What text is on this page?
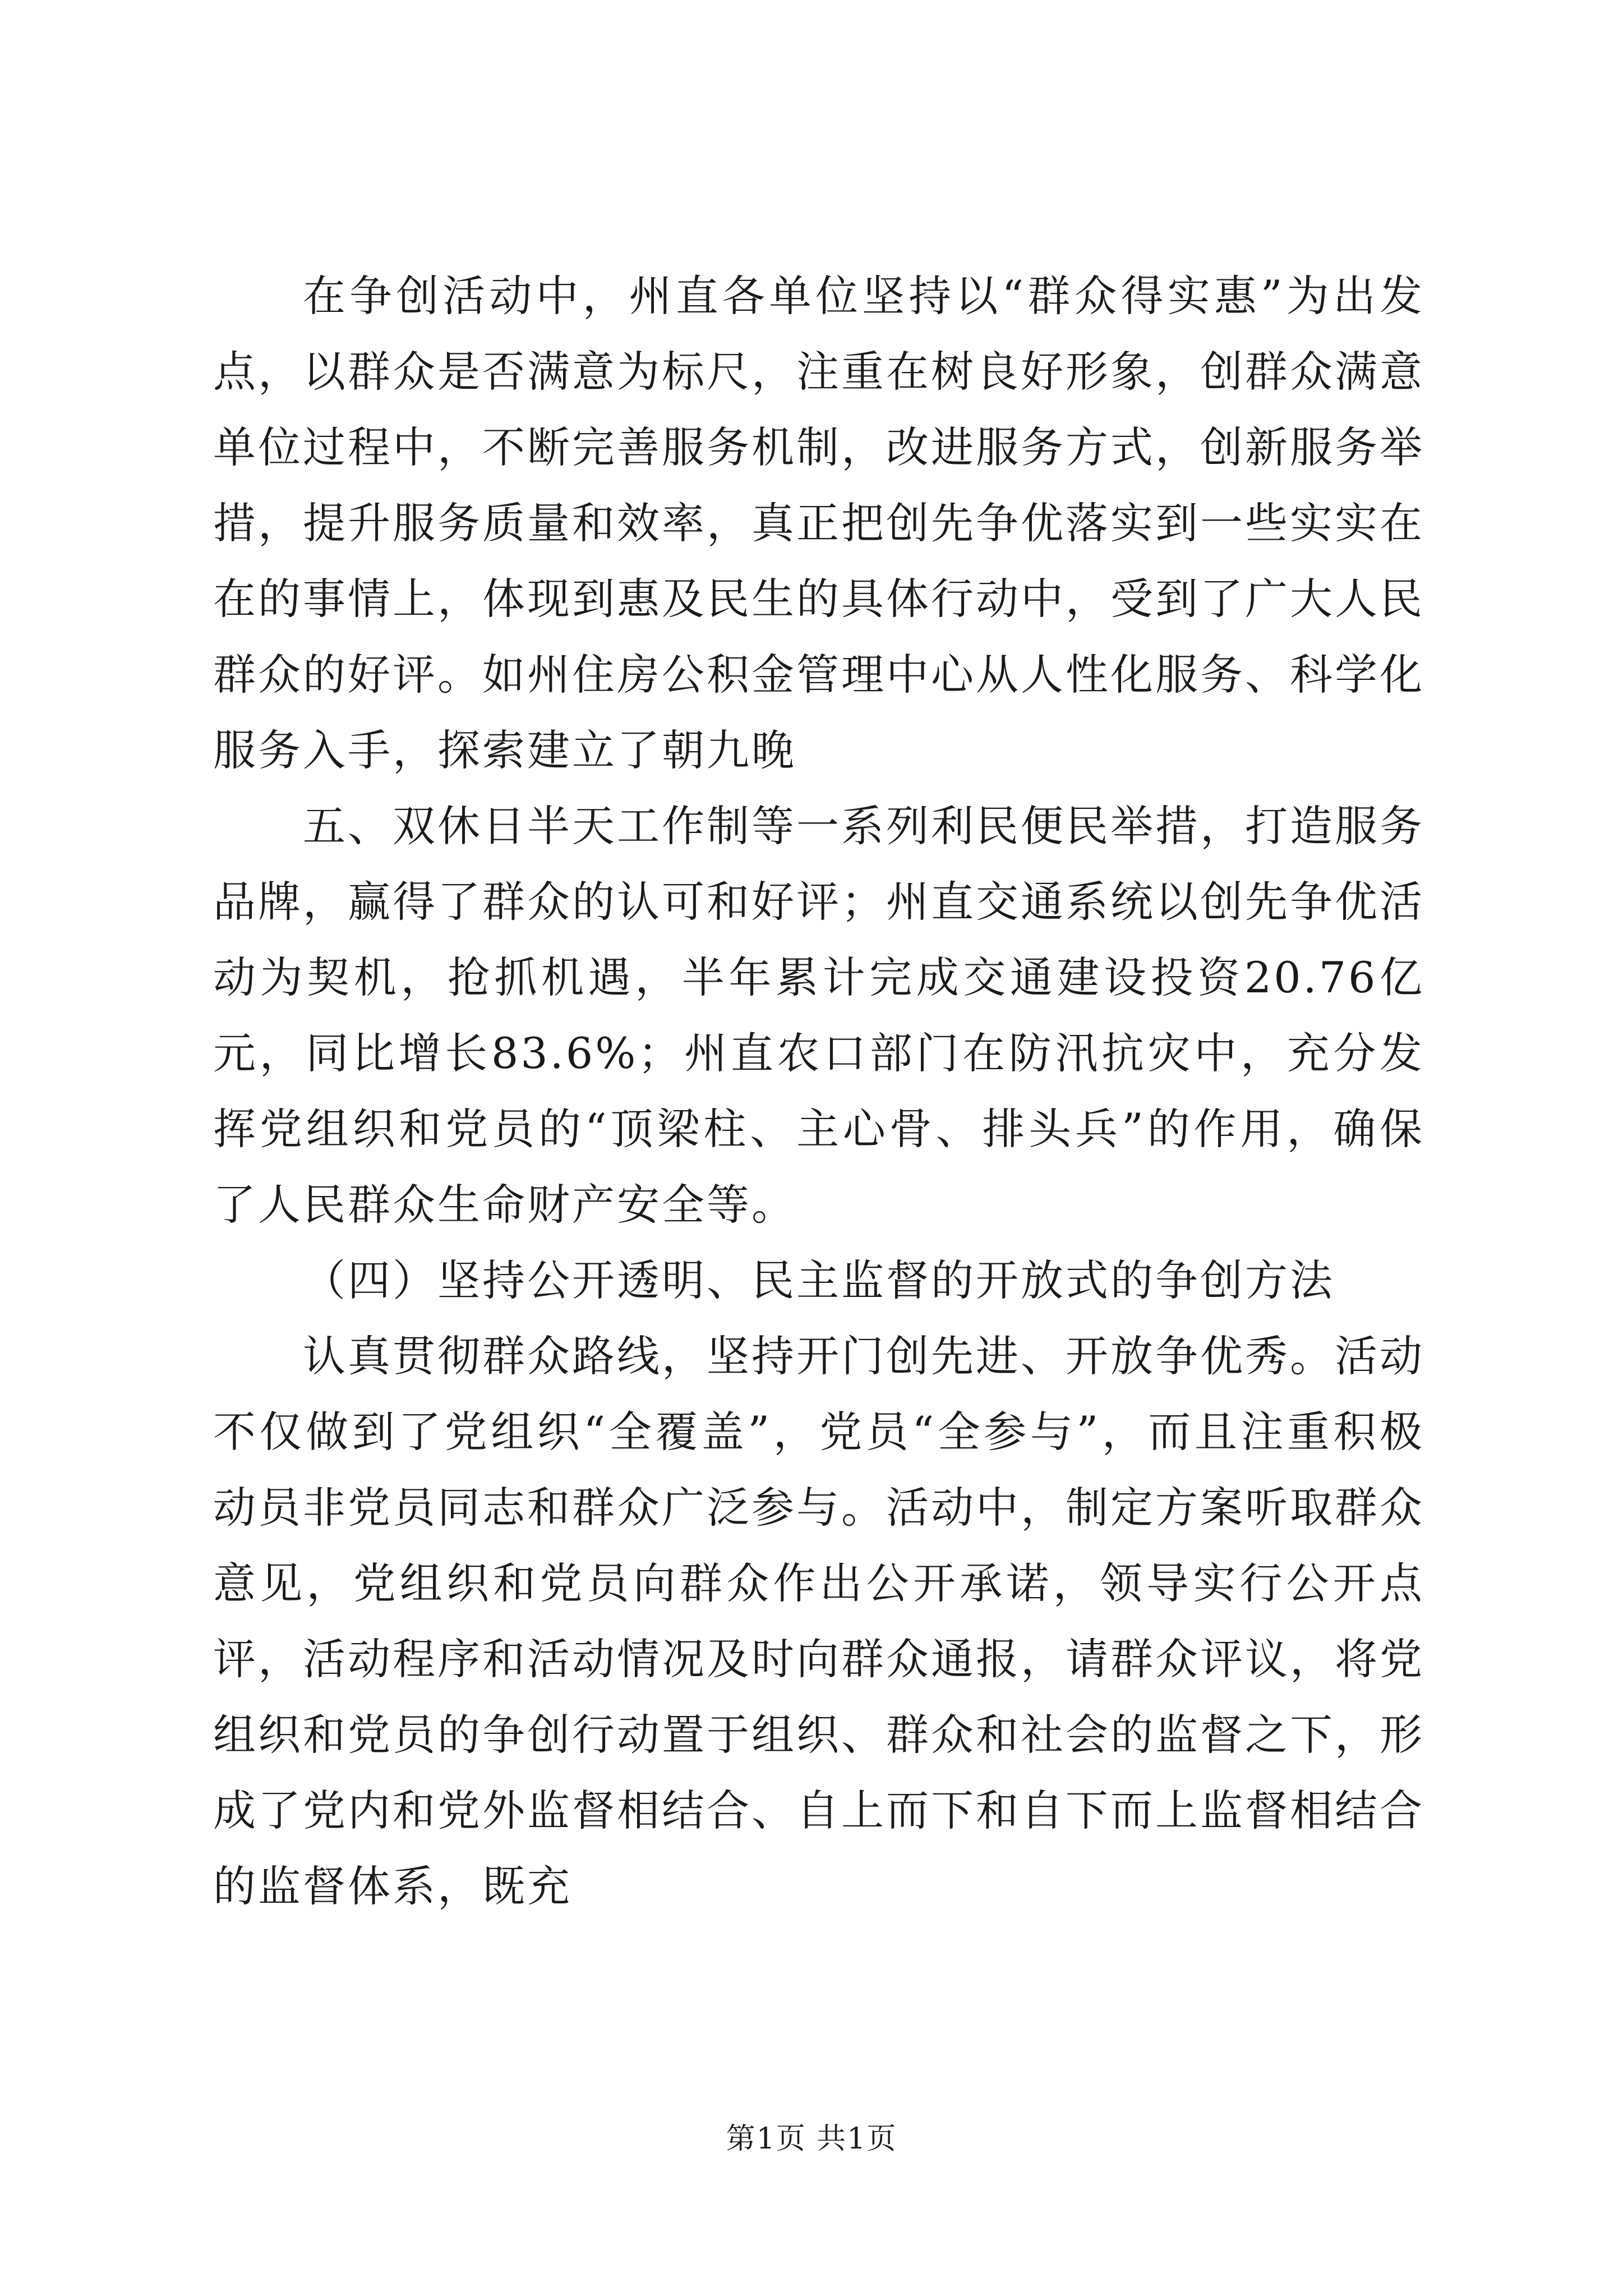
在争创活动中，州直各单位坚持以“群众得实惠”为出发点，以群众是否满意为标尺，注重在树良好形象，创群众满意单位过程中，不断完善服务机制，改进服务方式，创新服务举措，提升服务质量和效率，真正把创先争优落实到一些实实在在的事情上，体现到惠及民生的具体行动中，受到了广大人民群众的好评。如州住房公积金管理中心从人性化服务、科学化服务入手，探索建立了朝九晚

五、双休日半天工作制等一系列利民便民举措，打造服务品牌，赢得了群众的认可和好评；州直交通系统以创先争优活动为契机，抢抓机遇，半年累计完成交通建设投资20.76亿元，同比增长83.6%；州直农口部门在防汛抗灾中，充分发挥党组织和党员的“顶梁柱、主心骨、排头兵”的作用，确保了人民群众生命财产安全等。

（四）坚持公开透明、民主监督的开放式的争创方法

认真贯彻群众路线，坚持开门创先进、开放争优秀。活动不仅做到了党组织“全覆盖”，党员“全参与”，而且注重积极动员非党员同志和群众广泛参与。活动中，制定方案听取群众意见，党组织和党员向群众作出公开承诺，领导实行公开点评，活动程序和活动情况及时向群众通报，请群众评议，将党组织和党员的争创行动置于组织、群众和社会的监督之下，形成了党内和党外监督相结合、自上而下和自下而上监督相结合的监督体系，既充

第1页 共1页
